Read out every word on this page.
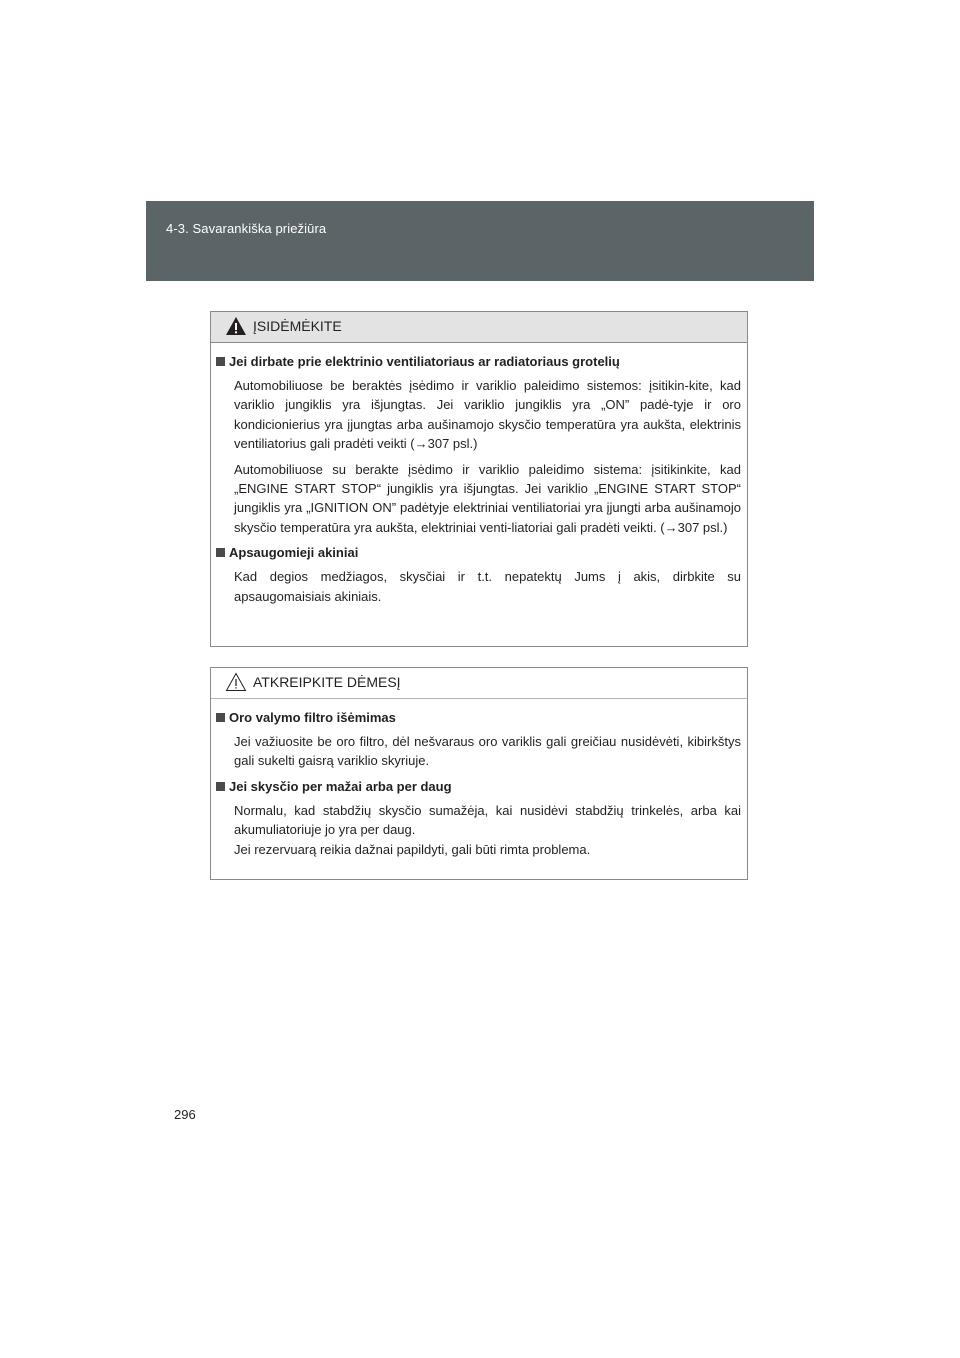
4-3. Savarankiška priežiūra
ĮSIDĖMĖKITE
Jei dirbate prie elektrinio ventiliatoriaus ar radiatoriaus grotelių

Automobiliuose be beraktės įsėdimo ir variklio paleidimo sistemos: įsitikin-kite, kad variklio jungiklis yra išjungtas. Jei variklio jungiklis yra „ON” padė-tyje ir oro kondicionierius yra įjungtas arba aušinamojo skysčio temperatūra yra aukšta, elektrinis ventiliatorius gali pradėti veikti (→307 psl.)

Automobiliuose su berakte įsėdimo ir variklio paleidimo sistema: įsitikinkite, kad „ENGINE START STOP“ jungiklis yra išjungtas. Jei variklio „ENGINE START STOP“ jungiklis yra „IGNITION ON” padėtyje elektriniai ventiliatoriai yra įjungti arba aušinamojo skysčio temperatūra yra aukšta, elektriniai venti-liatoriai gali pradėti veikti. (→307 psl.)

Apsaugomieji akiniai

Kad degios medžiagos, skysčiai ir t.t. nepatektų Jums į akis, dirbkite su apsaugomaisiais akiniais.

ATKREIPKITE DĖMESĮ
Oro valymo filtro išėmimas

Jei važiuosite be oro filtro, dėl nešvaraus oro variklis gali greičiau nusidėvėti, kibirkštys gali sukelti gaisrą variklio skyriuje.

Jei skysčio per mažai arba per daug

Normalu, kad stabdžių skysčio sumažėja, kai nusidėvi stabdžių trinkelės, arba kai akumuliatoriuje jo yra per daug.

Jei rezervuarą reikia dažnai papildyti, gali būti rimta problema.

296
